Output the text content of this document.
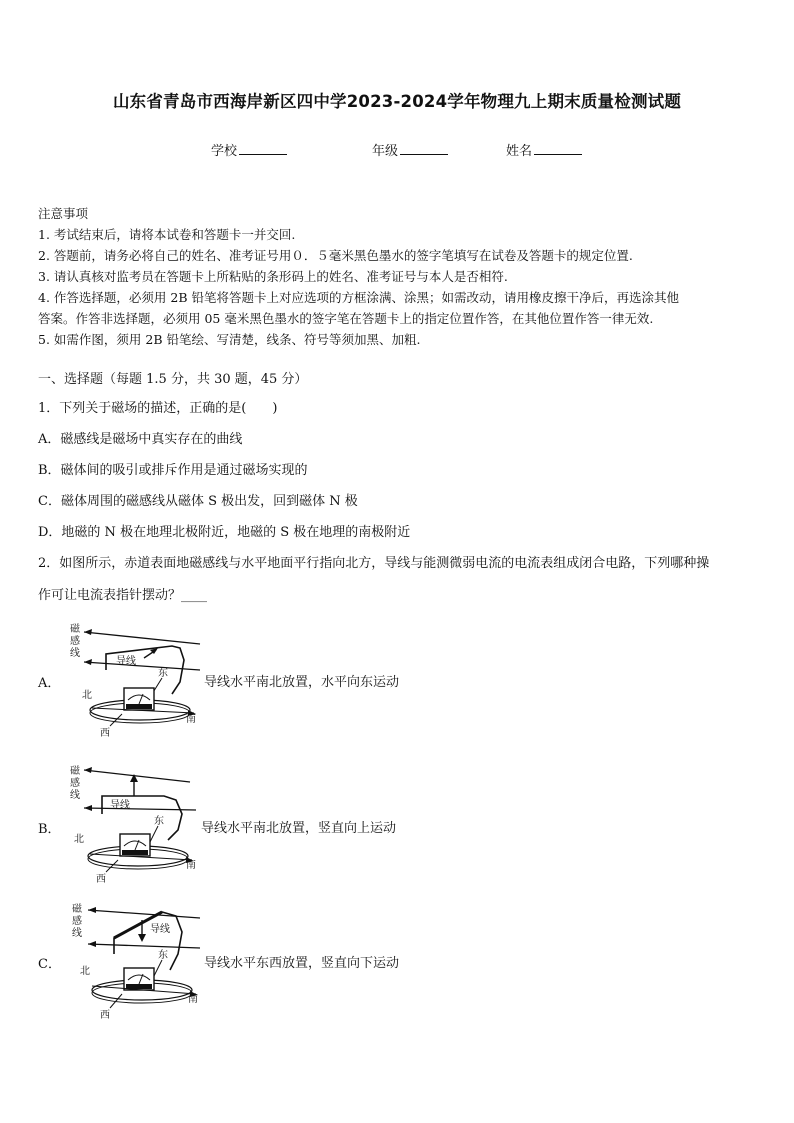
山东省青岛市西海岸新区四中学2023-2024学年物理九上期末质量检测试题
学校	年级	姓名
注意事项
1. 考试结束后，请将本试卷和答题卡一并交回.
2. 答题前，请务必将自己的姓名、准考证号用０．５毫米黑色墨水的签字笔填写在试卷及答题卡的规定位置.
3. 请认真核对监考员在答题卡上所粘贴的条形码上的姓名、准考证号与本人是否相符.
4. 作答选择题，必须用 2B 铅笔将答题卡上对应选项的方框涂满、涂黑；如需改动，请用橡皮擦干净后，再选涂其他
答案。作答非选择题，必须用 05 毫米黑色墨水的签字笔在答题卡上的指定位置作答，在其他位置作答一律无效.
5. 如需作图，须用 2B 铅笔绘、写清楚，线条、符号等须加黑、加粗.
一、选择题（每题 1.5 分，共 30 题，45 分）
1．下列关于磁场的描述，正确的是(　　)
A．磁感线是磁场中真实存在的曲线
B．磁体间的吸引或排斥作用是通过磁场实现的
C．磁体周围的磁感线从磁体 S 极出发，回到磁体 N 极
D．地磁的 N 极在地理北极附近，地磁的 S 极在地理的南极附近
2．如图所示，赤道表面地磁感线与水平地面平行指向北方，导线与能测微弱电流的电流表组成闭合电路，下列哪种操
作可让电流表指针摆动？____
A．
磁
感
线
导线
东
北
南
西
导线水平南北放置，水平向东运动
B．
磁
感
线
导线
东
北
南
西
导线水平南北放置，竖直向上运动
C．
磁
感
线	导线
东
北
南
西
导线水平东西放置，竖直向下运动
